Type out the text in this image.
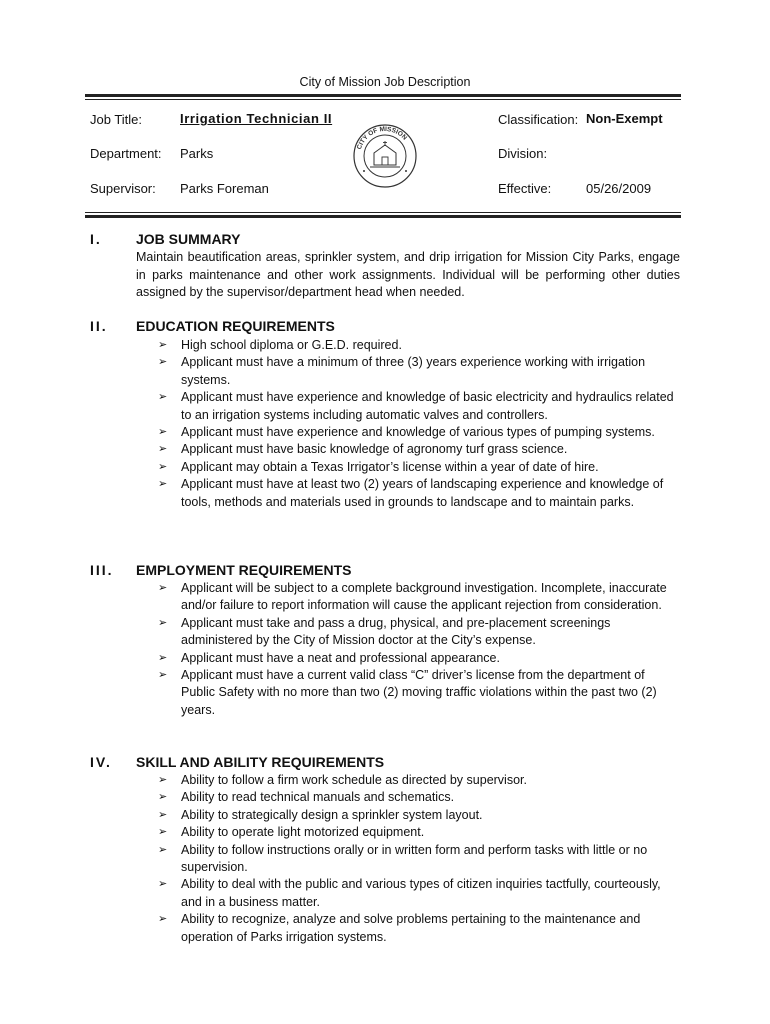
City of Mission Job Description
Job Title:	Irrigation Technician II	Classification: Non-Exempt
Department: Parks	Division:
Supervisor: Parks Foreman	Effective:	05/26/2009
CITY OF MISSION
I. JOB SUMMARY
Maintain beautification areas, sprinkler system, and drip irrigation for Mission City Parks, engage in parks maintenance and other work assignments. Individual will be performing other duties assigned by the supervisor/department head when needed.
II. EDUCATION REQUIREMENTS
➢ High school diploma or G.E.D. required.
➢ Applicant must have a minimum of three (3) years experience working with irrigation systems.
➢ Applicant must have experience and knowledge of basic electricity and hydraulics related to an irrigation systems including automatic valves and controllers.
➢ Applicant must have experience and knowledge of various types of pumping systems.
➢ Applicant must have basic knowledge of agronomy turf grass science.
➢ Applicant may obtain a Texas Irrigator’s license within a year of date of hire.
➢ Applicant must have at least two (2) years of landscaping experience and knowledge of tools, methods and materials used in grounds to landscape and to maintain parks.
III. EMPLOYMENT REQUIREMENTS
➢ Applicant will be subject to a complete background investigation. Incomplete, inaccurate and/or failure to report information will cause the applicant rejection from consideration.
➢ Applicant must take and pass a drug, physical, and pre-placement screenings administered by the City of Mission doctor at the City’s expense.
➢ Applicant must have a neat and professional appearance.
➢ Applicant must have a current valid class “C” driver’s license from the department of Public Safety with no more than two (2) moving traffic violations within the past two (2) years.
IV. SKILL AND ABILITY REQUIREMENTS
➢ Ability to follow a firm work schedule as directed by supervisor.
➢ Ability to read technical manuals and schematics.
➢ Ability to strategically design a sprinkler system layout.
➢ Ability to operate light motorized equipment.
➢ Ability to follow instructions orally or in written form and perform tasks with little or no supervision.
➢ Ability to deal with the public and various types of citizen inquiries tactfully, courteously, and in a business matter.
➢ Ability to recognize, analyze and solve problems pertaining to the maintenance and operation of Parks irrigation systems.
